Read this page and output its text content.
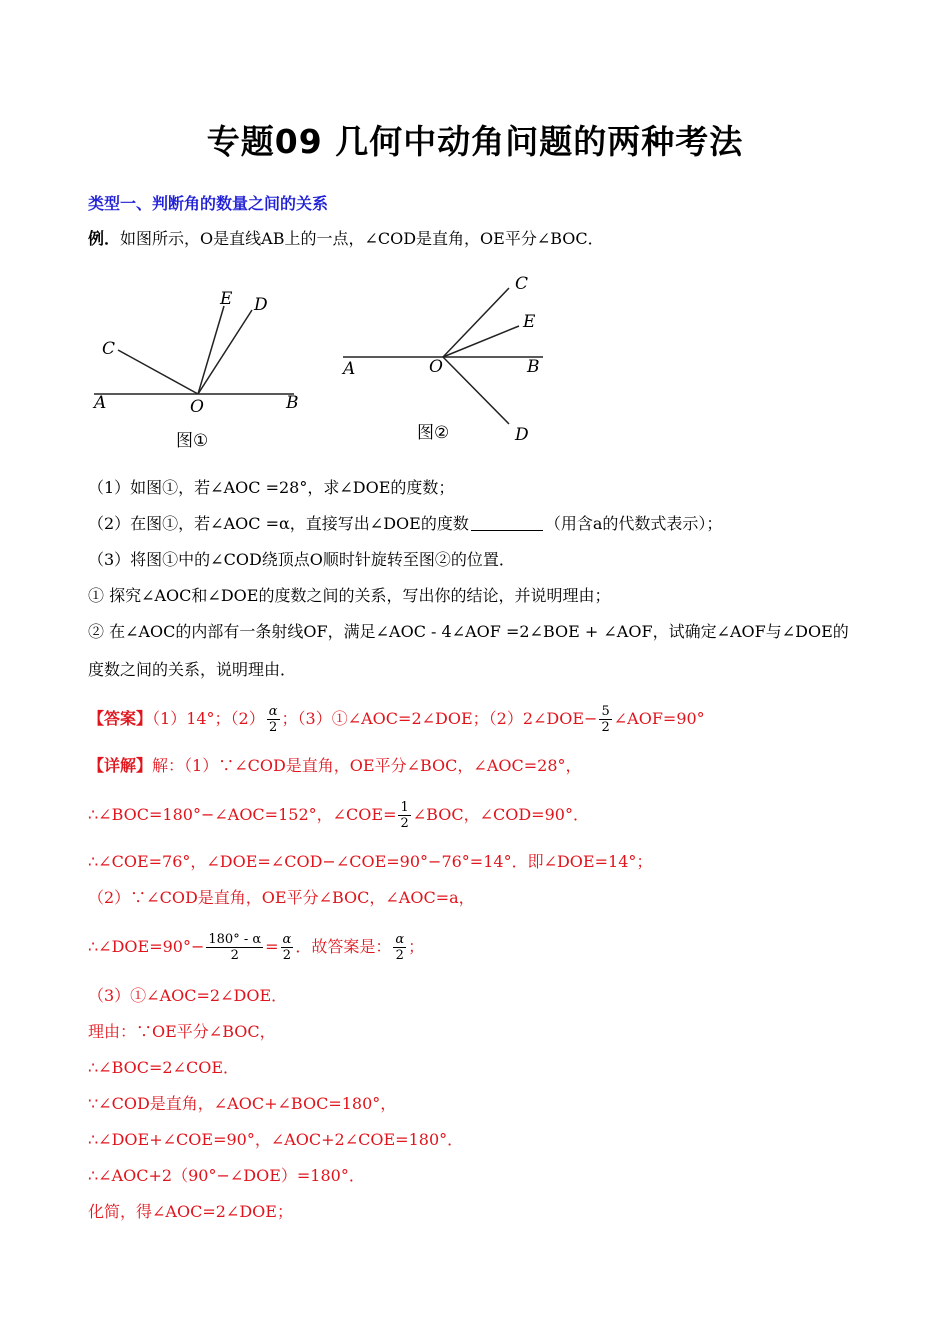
专题09 几何中动角问题的两种考法
类型一、判断角的数量之间的关系
例．如图所示，O是直线AB上的一点，∠COD是直角，OE平分∠BOC．
A	O	B
C
E D
图①
A	O	B
C
E
D
图②
（1）如图①，若∠AOC =28°，求∠DOE的度数；
（2）在图①，若∠AOC =α，直接写出∠DOE的度数	（用含a的代数式表示）；
（3）将图①中的∠COD绕顶点O顺时针旋转至图②的位置．
① 探究∠AOC和∠DOE的度数之间的关系，写出你的结论，并说明理由；
② 在∠AOC的内部有一条射线OF，满足∠AOC - 4∠AOF =2∠BOE + ∠AOF，试确定∠AOF与∠DOE的
度数之间的关系，说明理由．
【答案】（1）14°；$(2) \frac{\alpha}{2}$ ；（3）①∠AOC=2∠DOE；（2）2∠DOE− $\frac{5}{2}$ ∠AOF=90°
【详解】解：（1）∵∠COD是直角，OE平分∠BOC，∠AOC=28°，
∴∠BOC=180°−∠AOC=152°，∠COE= $\frac{1}{2}$ ∠BOC，∠COD=90°．
∴∠COE=76°，∠DOE=∠COD−∠COE=90°−76°=14°．即∠DOE=14°；
（2）∵∠COD是直角，OE平分∠BOC，∠AOC=a，
∴∠DOE=90°− $\frac{180^\circ - \alpha}{2} = \frac{\alpha}{2}$ ．故答案是： $\frac{\alpha}{2}$ ；
（3）①∠AOC=2∠DOE．
理由：∵OE平分∠BOC，
∴∠BOC=2∠COE．
∵∠COD是直角，∠AOC+∠BOC=180°，
∴∠DOE+∠COE=90°，∠AOC+2∠COE=180°．
∴∠AOC+2（90°−∠DOE）=180°．
化简，得∠AOC=2∠DOE；
